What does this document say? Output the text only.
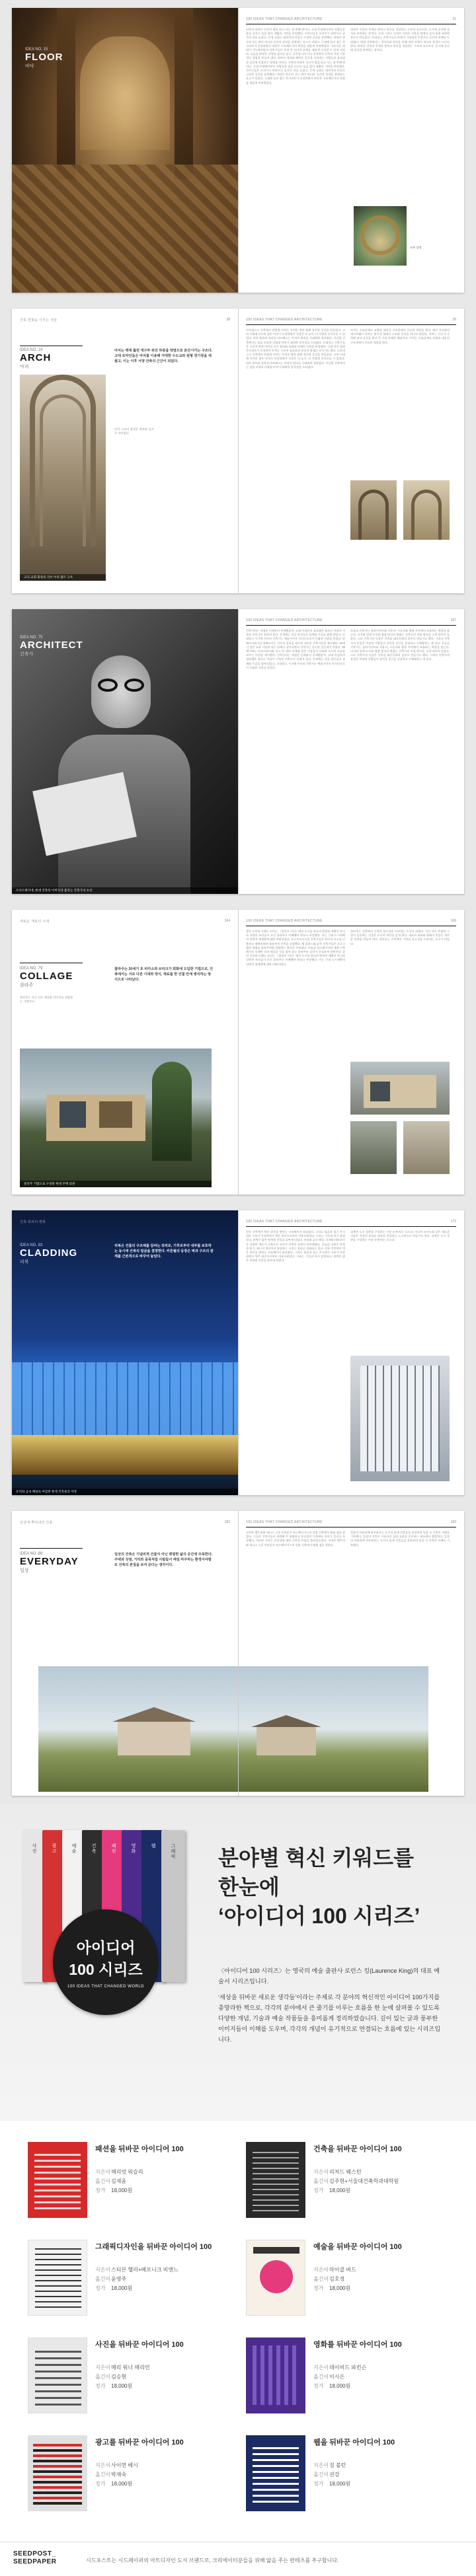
IDEA NO. 15
FLOOR
바닥
100 IDEAS THAT CHANGED ARCHITECTURE	31
건축의 바닥은 인간이 땅을 딛고 서는 첫 번째 면이다. 고대 문명에서부터 사람들은 흙을 다지고 돌을 깔아 생활의 기반을 마련했다. 로마인들은 모자이크 바닥으로 공간의 격을 높였고, 중세 교회는 대리석과 타일로 신성한 공간을 표현했다. 바닥은 단순히 걷는 면이 아니라 공간의 성격을 결정하는 요소가 되었다. 근대에 들어 철근 콘크리트가 등장하면서 바닥은 구조체로서의 역할을 새롭게 부여받았다. 자유로운 평면이 가능해지면서 건축가들은 층과 층 사이의 관계를 새롭게 구성할 수 있게 되었다. 오늘날 바닥은 난방과 설비를 품고, 공간을 나누거나 연결하며 건축의 가장 기본적인 경험을 만들어 낸다. 바닥의 재료와 패턴은 공간을 이용하는 사람들의 움직임과 감각에 직접적인 영향을 미친다. 건축의 바닥은 인간이 땅을 딛고 서는 첫 번째 면이다. 고대 문명에서부터 사람들은 흙을 다지고 돌을 깔아 생활의 기반을 마련했다. 로마인들은 모자이크 바닥으로 공간의 격을 높였고, 중세 교회는 대리석과 타일로 신성한 공간을 표현했다. 바닥은 단순히 걷는 면이 아니라 공간의 성격을 결정하는 요소가 되었다. 근대에 들어 철근 콘크리트가 등장하면서 바닥은 구조체로서의 역할을 새롭게 부여받았다.
바닥은 건물의 무게를 받치고 하중을 전달하는 구조적 요소이자, 동시에 공간에 질서를 부여하는 장치다. 고대 그리스 신전의 기단은 건물을 땅에서 들어 올려 특별한 장소로 만들었다. 르네상스 건축가들은 바닥의 기하학적 문양으로 공간의 비례를 드러냈다. 현대 건축에서는 경사로와 단차를 통해 바닥 자체가 하나의 풍경이 되기도 한다. 바닥은 건물의 무게를 받치고 하중을 전달하는 구조적 요소이자, 동시에 공간에 질서를 부여하는 장치다.
도판 설명
건축 원형을 이루는 것들	38
IDEA NO. 19
ARCH
아치
고딕 교회 회랑의 리브 아치 볼트 구조
아치는 벽에 뚫린 개구부 위의 하중을 양옆으로 분산시키는 구조다. 고대 로마인들은 아치를 이용해 거대한 수도교와 원형 경기장을 세웠고, 이는 이후 서양 건축의 근간이 되었다.
아치 구조의 발전은 볼트와 돔으로 이어졌다.
100 IDEAS THAT CHANGED ARCHITECTURE	39
로마네스크 건축에서 반원형 아치는 두꺼운 벽과 함께 장중한 공간을 만들었다. 고딕 시대에 이르러 첨두 아치가 등장하면서 건물은 더 높이, 더 가볍게 솟아오를 수 있었다. 리브 볼트와 플라잉 버트레스는 아치의 원리를 극대화한 결과였다. 이슬람 건축에서는 말굽 모양과 다엽형 아치가 화려한 장식성을 드러냈다. 르네상스 건축가들은 고전적 반원 아치를 다시 불러와 조화와 비례의 미학을 완성했다. 근대 이후 철과 콘크리트가 등장하며 아치는 구조적 필요보다 상징적 형태로 쓰이기도 했다. 로마네스크 건축에서 반원형 아치는 두꺼운 벽과 함께 장중한 공간을 만들었다. 고딕 시대에 이르러 첨두 아치가 등장하면서 건물은 더 높이, 더 가볍게 솟아오를 수 있었다. 리브 볼트와 플라잉 버트레스는 아치의 원리를 극대화한 결과였다. 이슬람 건축에서는 말굽 모양과 다엽형 아치가 화려한 장식성을 드러냈다.
아치는 오늘날에도 교량과 대공간 구조물에서 중요한 역할을 한다. 에로 사리넨의 게이트웨이 아치는 현수선 형태로 구조와 상징을 하나로 엮었다. 아치는 인류가 중력에 맞서 공간을 열어 온 가장 오래된 해답이다. 아치는 오늘날에도 교량과 대공간 구조물에서 중요한 역할을 한다.
르코르뷔지에, 현대 건축의 아버지라 불리는 건축가의 초상
IDEA NO. 75
ARCHITECT
건축가
100 IDEAS THAT CHANGED ARCHITECTURE	157
건축가라는 직업은 언제부터 존재했을까. 고대 이집트의 임호텝은 최초로 이름이 기록된 건축가로 알려져 있다. 중세에는 석공 장인들이 설계와 시공을 함께 맡았고, 르네상스 시기에 이르러 건축가는 예술가이자 지식인으로서 독립된 지위를 얻었다. 알베르티와 브루넬레스키는 이론과 실천을 겸비한 새로운 건축가상을 제시했다. 19세기 전문 교육 기관과 직능 단체가 생겨나면서 건축가는 공인된 전문직이 되었다. 20세기에는 르코르뷔지에, 미스 반 데어 로에와 같은 거장들이 사회와 도시의 모습을 바꾸는 비전을 제시했다. 건축가라는 직업은 언제부터 존재했을까. 고대 이집트의 임호텝은 최초로 이름이 기록된 건축가로 알려져 있다. 중세에는 석공 장인들이 설계와 시공을 함께 맡았고, 르네상스 시기에 이르러 건축가는 예술가이자 지식인으로서 독립된 지위를 얻었다.
오늘날 건축가는 클라이언트와 사용자, 시공자와 행정 사이에서 조율하는 역할을 맡는다. 디지털 설계 도구와 협업 방식의 변화는 건축가의 작업 방식을 크게 바꾸어 놓았다. 스타 건축가의 등장은 건축을 대중문화의 일부로 만들기도 했다. 그러나 건축가의 본질은 여전히 사람들이 살아갈 공간을 상상하고 구체화하는 데 있다. 오늘날 건축가는 클라이언트와 사용자, 시공자와 행정 사이에서 조율하는 역할을 맡는다. 디지털 설계 도구와 협업 방식의 변화는 건축가의 작업 방식을 크게 바꾸어 놓았다. 스타 건축가의 등장은 건축을 대중문화의 일부로 만들기도 했다. 그러나 건축가의 본질은 여전히 사람들이 살아갈 공간을 상상하고 구체화하는 데 있다.
새로운 재료의 시대	164
IDEA NO. 79
COLLAGE
콜라주
콜라주는 서로 다른 재료와 이미지를 결합하는 기법이다.
콜라주 기법으로 구성한 현대 주택 외관
콜라주는 20세기 초 피카소와 브라크가 회화에 도입한 기법으로, 건축에서는 서로 다른 시대와 양식, 재료를 한 건물 안에 병치하는 방식으로 나타났다.
100 IDEAS THAT CHANGED ARCHITECTURE	165
콜린 로우와 프레드 코터는 《콜라주 시티》에서 도시를 하나의 완결된 계획이 아니라 다양한 조각들이 모인 콜라주로 이해해야 한다고 주장했다. 이는 근대 도시계획의 전면적 재개발에 대한 비판이었다. 포스트모더니즘 건축가들은 역사적 요소를 인용하고 재배치하며 콜라주적 건축을 실험했다. 렘 콜하스와 같은 건축가들은 프로그램과 형태를 콜라주처럼 결합하는 방식을 선보였다. 오늘날 리노베이션과 재생 건축에서도 오래된 것과 새로운 것을 겹쳐 놓는 콜라주의 감각이 중요하게 작용한다. 콜린 로우와 프레드 코터는 《콜라주 시티》에서 도시를 하나의 완결된 계획이 아니라 다양한 조각들이 모인 콜라주로 이해해야 한다고 주장했다. 이는 근대 도시계획의 전면적 재개발에 대한 비판이었다.
콜라주는 건축에서 기억과 장소성을 드러내는 도구가 되었다. 서로 다른 층위의 시간이 공존하는 건물은 도시의 역사를 읽게 한다. 재료의 대비와 형태의 충돌은 새로운 미학을 만들어 낸다. 콜라주는 건축에서 기억과 장소성을 드러내는 도구가 되었다.
유리와 금속 패널로 마감한 현대 건축물의 야경
건축 외피의 변화
IDEA NO. 83
CLADDING
피복
피복은 건물의 구조체를 감싸는 외피로, 기후로부터 내부를 보호하는 동시에 건축의 얼굴을 결정한다. 커튼월의 등장은 벽과 구조의 관계를 근본적으로 바꾸어 놓았다.
100 IDEAS THAT CHANGED ARCHITECTURE	173
전통 건축에서 벽은 하중을 받치는 구조체이자 외피였다. 그러나 철골과 철근 콘크리트 구조가 등장하면서 벽은 하중으로부터 자유로워졌다. 구조는 기둥과 보가 담당하고, 외벽은 얇은 막처럼 건물을 감싸게 되었다. 유리와 금속 패널, 석재와 테라코타 등 다양한 재료가 피복으로 쓰이며 건축의 표정이 풍부해졌다. 오늘날 피복은 단열과 환기, 에너지 생산까지 담당하는 고성능 외피로 진화하고 있다. 전통 건축에서 벽은 하중을 받치는 구조체이자 외피였다. 그러나 철골과 철근 콘크리트 구조가 등장하면서 벽은 하중으로부터 자유로워졌다. 구조는 기둥과 보가 담당하고, 외벽은 얇은 막처럼 건물을 감싸게 되었다.
피복은 도시 경관을 구성하는 가장 눈에 띄는 요소다. 미디어 파사드와 같은 새로운 기술은 건물의 외피를 정보를 전달하는 스크린으로 만들기도 한다. 피복은 도시 경관을 구성하는 가장 눈에 띄는 요소다.
일상에 뿌리내린 건축	182
IDEA NO. 88
EVERYDAY
일상
일상의 건축은 기념비적 건물이 아닌 평범한 삶의 공간에 주목한다. 주택과 상점, 거리와 골목처럼 사람들이 매일 마주하는 환경이야말로 건축의 본질을 보여 준다는 생각이다.
100 IDEAS THAT CHANGED ARCHITECTURE	183
로버트 벤투리와 데니스 스콧 브라운은 라스베이거스의 상업 건축에서 배울 점을 찾았다. 그들은 건축가들이 외면해 온 평범하고 통속적인 건물에도 의미가 있다고 주장했다. 이러한 시각은 일상성에 대한 건축적 관심을 불러일으켰다. 로버트 벤투리와 데니스 스콧 브라운은 라스베이거스의 상업 건축에서 배울 점을 찾았다.
일본의 아틀리에 바우와우는 도시의 틈새 건물들을 관찰하며 일상 속 건축의 지혜를 기록했다. 일상의 건축은 사용자의 삶과 습관을 존중하는 태도에서 출발한다. 일본의 아틀리에 바우와우는 도시의 틈새 건물들을 관찰하며 일상 속 건축의 지혜를 기록했다.
사진	광고	예술	건축	패션	영화	웹	그래픽
아이디어
100 시리즈
100 IDEAS THAT CHANGED WORLD
분야별 혁신 키워드를
한눈에
‘아이디어 100 시리즈’

〈아이디어 100 시리즈〉는 영국의 예술 출판사 로런스 킹(Laurence King)의 대표 예술서 시리즈입니다.

‘세상을 뒤바꾼 새로운 생각들’이라는 주제로 각 분야의 혁신적인 아이디어 100가지를 총망라한 책으로, 각각의 분야에서 큰 줄기를 이루는 흐름을 한 눈에 살펴볼 수 있도록 다양한 개념, 기술과 예술 작품들을 흥미롭게 정리하였습니다. 깊이 있는 글과 풍부한 이미지들이 이해를 도우며, 각각의 개념이 유기적으로 연결되는 흐름에 있는 시리즈입니다.

패션을 뒤바꾼 아이디어 100
지은이해리엇 워슬리
옮긴이김재윤
정가 18,000원
건축을 뒤바꾼 아이디어 100
지은이리처드 웨스턴
옮긴이김주현+서울대건축학과대학원
정가 18,000원
그래픽디자인을 뒤바꾼 아이디어 100
지은이스티븐 헬러+베로니크 비엔느
옮긴이윤영주
정가 18,000원
예술을 뒤바꾼 아이디어 100
지은이마이클 버드
옮긴이김호정
정가 18,000원
사진을 뒤바꾼 아이디어 100
지은이메리 워너 매리언
옮긴이김승현
정가 18,000원
영화를 뒤바꾼 아이디어 100
지은이데이비드 파킨슨
옮긴이이시은
정가 18,000원
광고를 뒤바꾼 아이디어 100
지은이사이먼 베시
옮긴이박재숙
정가 18,000원
웹을 뒤바꾼 아이디어 100
지은이짐 볼턴
옮긴이권강
정가 18,000원
SEEDPOST_
SEEDPAPER	시드포스트는 시드페이퍼의 아트디자인 도서 브랜드로, 크리에이터분들을 위해 앎을 주는 편테츠를 추구합니다.
